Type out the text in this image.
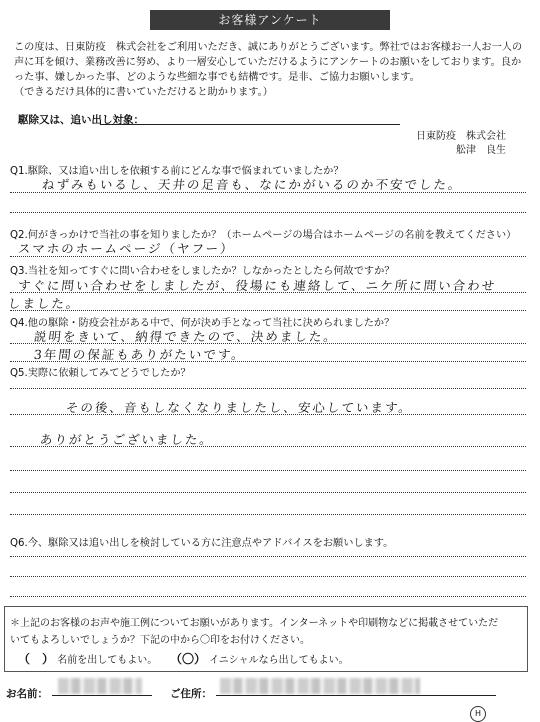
お客様アンケート
この度は、日東防疫　株式会社をご利用いただき、誠にありがとうございます。弊社ではお客様お一人お一人の
声に耳を傾け、業務改善に努め、より一層安心していただけるようにアンケートのお願いをしております。良か
った事、嫌しかった事、どのような些細な事でも結構です。是非、ご協力お願いします。
（できるだけ具体的に書いていただけると助かります。）
駆除又は、追い出し対象：
日東防疫　株式会社
舩津　良生
Q1.駆除、又は追い出しを依頼する前にどんな事で悩まれていましたか？
ねずみもいるし、天井の足音も、なにかがいるのか不安でした。
Q2.何がきっかけで当社の事を知りましたか？（ホームページの場合はホームページの名前を教えてください）
スマホのホームページ（ヤフー）
Q3.当社を知ってすぐに問い合わせをしましたか？しなかったとしたら何故ですか？
すぐに問い合わせをしましたが、役場にも連絡して、ニケ所に問い合わせ
しました。
Q4.他の駆除・防疫会社がある中で、何が決め手となって当社に決められましたか？
説明をきいて、納得できたので、決めました。
3年間の保証もありがたいです。
Q5.実際に依頼してみてどうでしたか？
その後、音もしなくなりましたし、安心しています。
ありがとうございました。
Q6.今、駆除又は追い出しを検討している方に注意点やアドバイスをお願いします。
＊上記のお客様のお声や施工例についてお願いがあります。インターネットや印刷物などに掲載させていただ
いてもよろしいでしょうか？下記の中から〇印をお付けください。
（　） 名前を出してもよい。 （〇） イニシャルなら出してもよい。
お名前：	ご住所：
H
